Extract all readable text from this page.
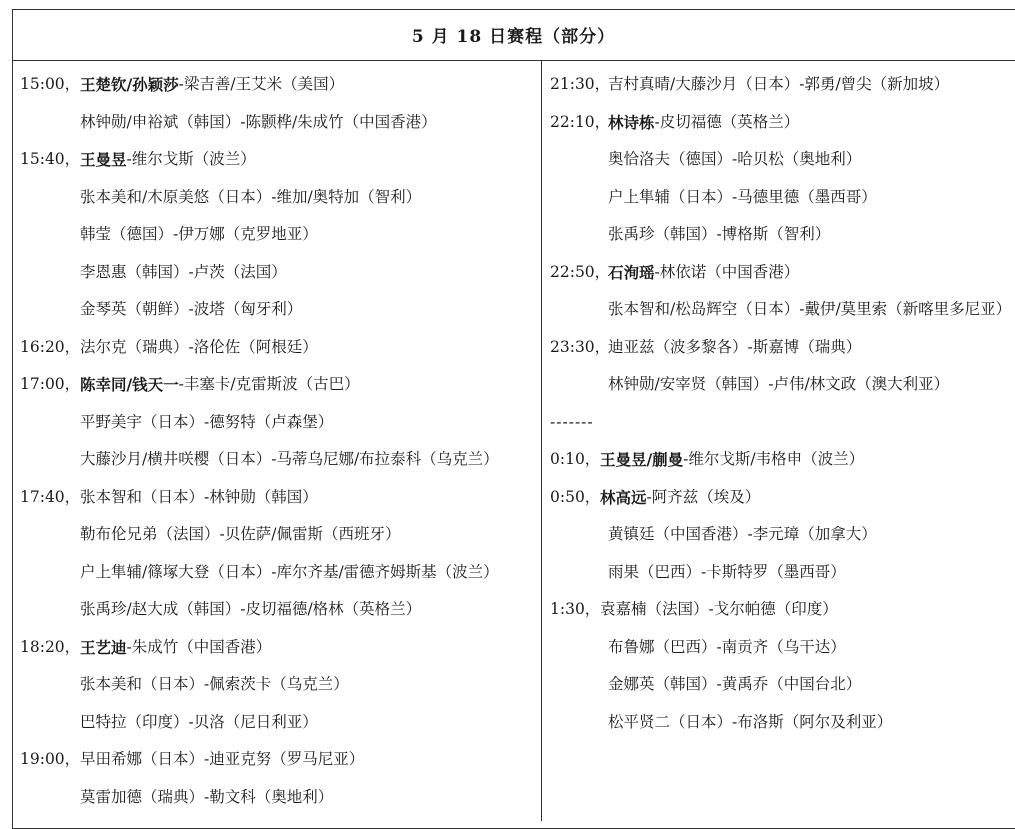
5 月 18 日赛程（部分）
15:00， 王楚钦/孙颖莎 -梁吉善/王艾米（美国）
林钟勋/申裕斌（韩国）-陈颢桦/朱成竹（中国香港）
15:40， 王曼昱 -维尔戈斯（波兰）
张本美和/木原美悠（日本）-维加/奥特加（智利）
韩莹（德国）-伊万娜（克罗地亚）
李恩惠（韩国）-卢茨（法国）
金琴英（朝鲜）-波塔（匈牙利）
16:20， 法尔克（瑞典）-洛伦佐（阿根廷）
17:00， 陈幸同/钱天一 -丰塞卡/克雷斯波（古巴）
平野美宇（日本）-德努特（卢森堡）
大藤沙月/横井咲樱（日本）-马蒂乌尼娜/布拉泰科（乌克兰）
17:40， 张本智和（日本）-林钟勋（韩国）
勒布伦兄弟（法国）-贝佐萨/佩雷斯（西班牙）
户上隼辅/篠塚大登（日本）-库尔齐基/雷德齐姆斯基（波兰）
张禹珍/赵大成（韩国）-皮切福德/格林（英格兰）
18:20， 王艺迪 -朱成竹（中国香港）
张本美和（日本）-佩索茨卡（乌克兰）
巴特拉（印度）-贝洛（尼日利亚）
19:00， 早田希娜（日本）-迪亚克努（罗马尼亚）
莫雷加德（瑞典）-勒文科（奥地利）
21:30，
吉村真晴/大藤沙月（日本）-郭勇/曾尖（新加坡）
22:10，
林诗栋 -皮切福德（英格兰）
奥恰洛夫（德国）-哈贝松（奥地利）
户上隼辅（日本）-马德里德（墨西哥）
张禹珍（韩国）-博格斯（智利）
22:50，
石洵瑶 -林依诺（中国香港）
张本智和/松岛辉空（日本）-戴伊/莫里索（新喀里多尼亚）
23:30，
迪亚兹（波多黎各）-斯嘉博（瑞典）
林钟勋/安宰贤（韩国）-卢伟/林文政（澳大利亚）
-------
0:10， 王曼昱/蒯曼 -维尔戈斯/韦格申（波兰）
0:50， 林高远 -阿齐兹（埃及）
黄镇廷（中国香港）-李元璋（加拿大）
雨果（巴西）-卡斯特罗（墨西哥）
1:30， 袁嘉楠（法国）-戈尔帕德（印度）
布鲁娜（巴西）-南贡齐（乌干达）
金娜英（韩国）-黄禹乔（中国台北）
松平贤二（日本）-布洛斯（阿尔及利亚）
